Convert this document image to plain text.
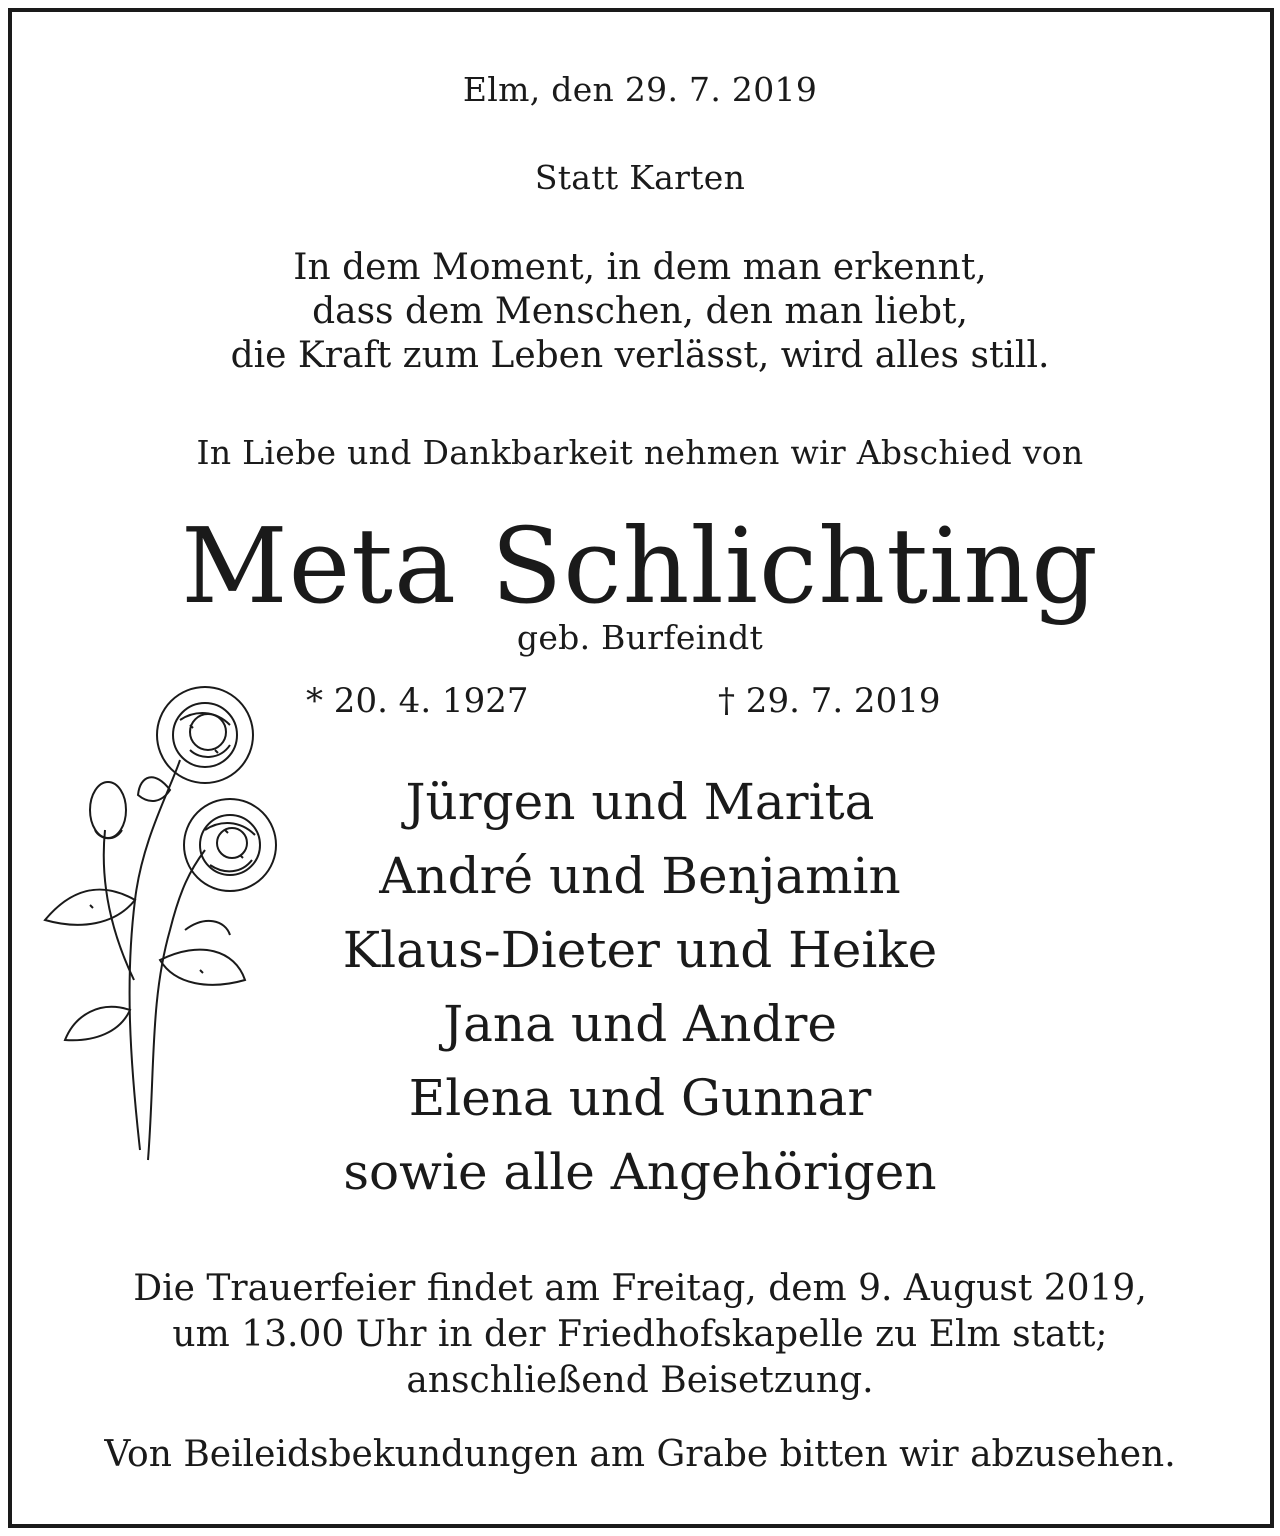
Elm, den 29. 7. 2019

Statt Karten

In dem Moment, in dem man erkennt,

dass dem Menschen, den man liebt,

die Kraft zum Leben verlässt, wird alles still.

In Liebe und Dankbarkeit nehmen wir Abschied von

Meta Schlichting

geb. Burfeindt

* 20. 4. 1927	† 29. 7. 2019

Jürgen und Marita

André und Benjamin

Klaus-Dieter und Heike

Jana und Andre

Elena und Gunnar

sowie alle Angehörigen

Die Trauerfeier findet am Freitag, dem 9. August 2019,

um 13.00 Uhr in der Friedhofskapelle zu Elm statt;

anschließend Beisetzung.

Von Beileidsbekundungen am Grabe bitten wir abzusehen.
